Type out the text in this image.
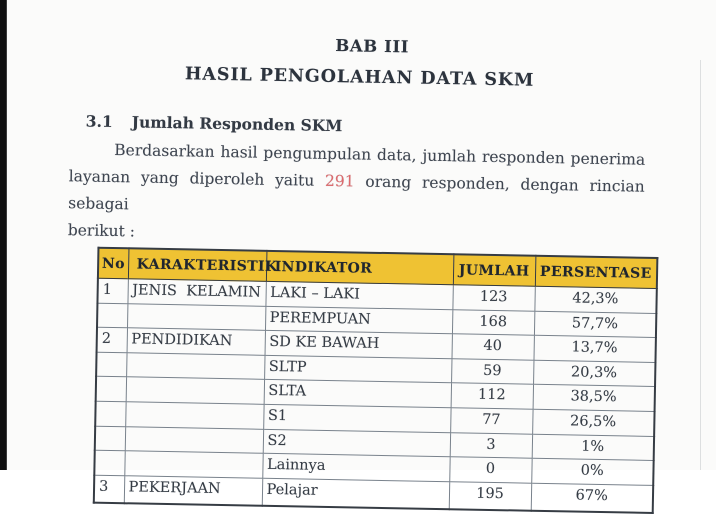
BAB III
HASIL PENGOLAHAN DATA SKM
3.1 Jumlah Responden SKM
Berdasarkan hasil pengumpulan data, jumlah responden penerima
layanan yang diperoleh yaitu 291 orang responden, dengan rincian sebagai
berikut :
No	KARAKTERISTIK	INDIKATOR	JUMLAH	PERSENTASE
1	JENIS  KELAMIN	LAKI – LAKI	123	42,3%
		PEREMPUAN	168	57,7%
2	PENDIDIKAN	SD KE BAWAH	40	13,7%
		SLTP	59	20,3%
		SLTA	112	38,5%
		S1	77	26,5%
		S2	3	1%
		Lainnya	0	0%
3	PEKERJAAN	Pelajar	195	67%
